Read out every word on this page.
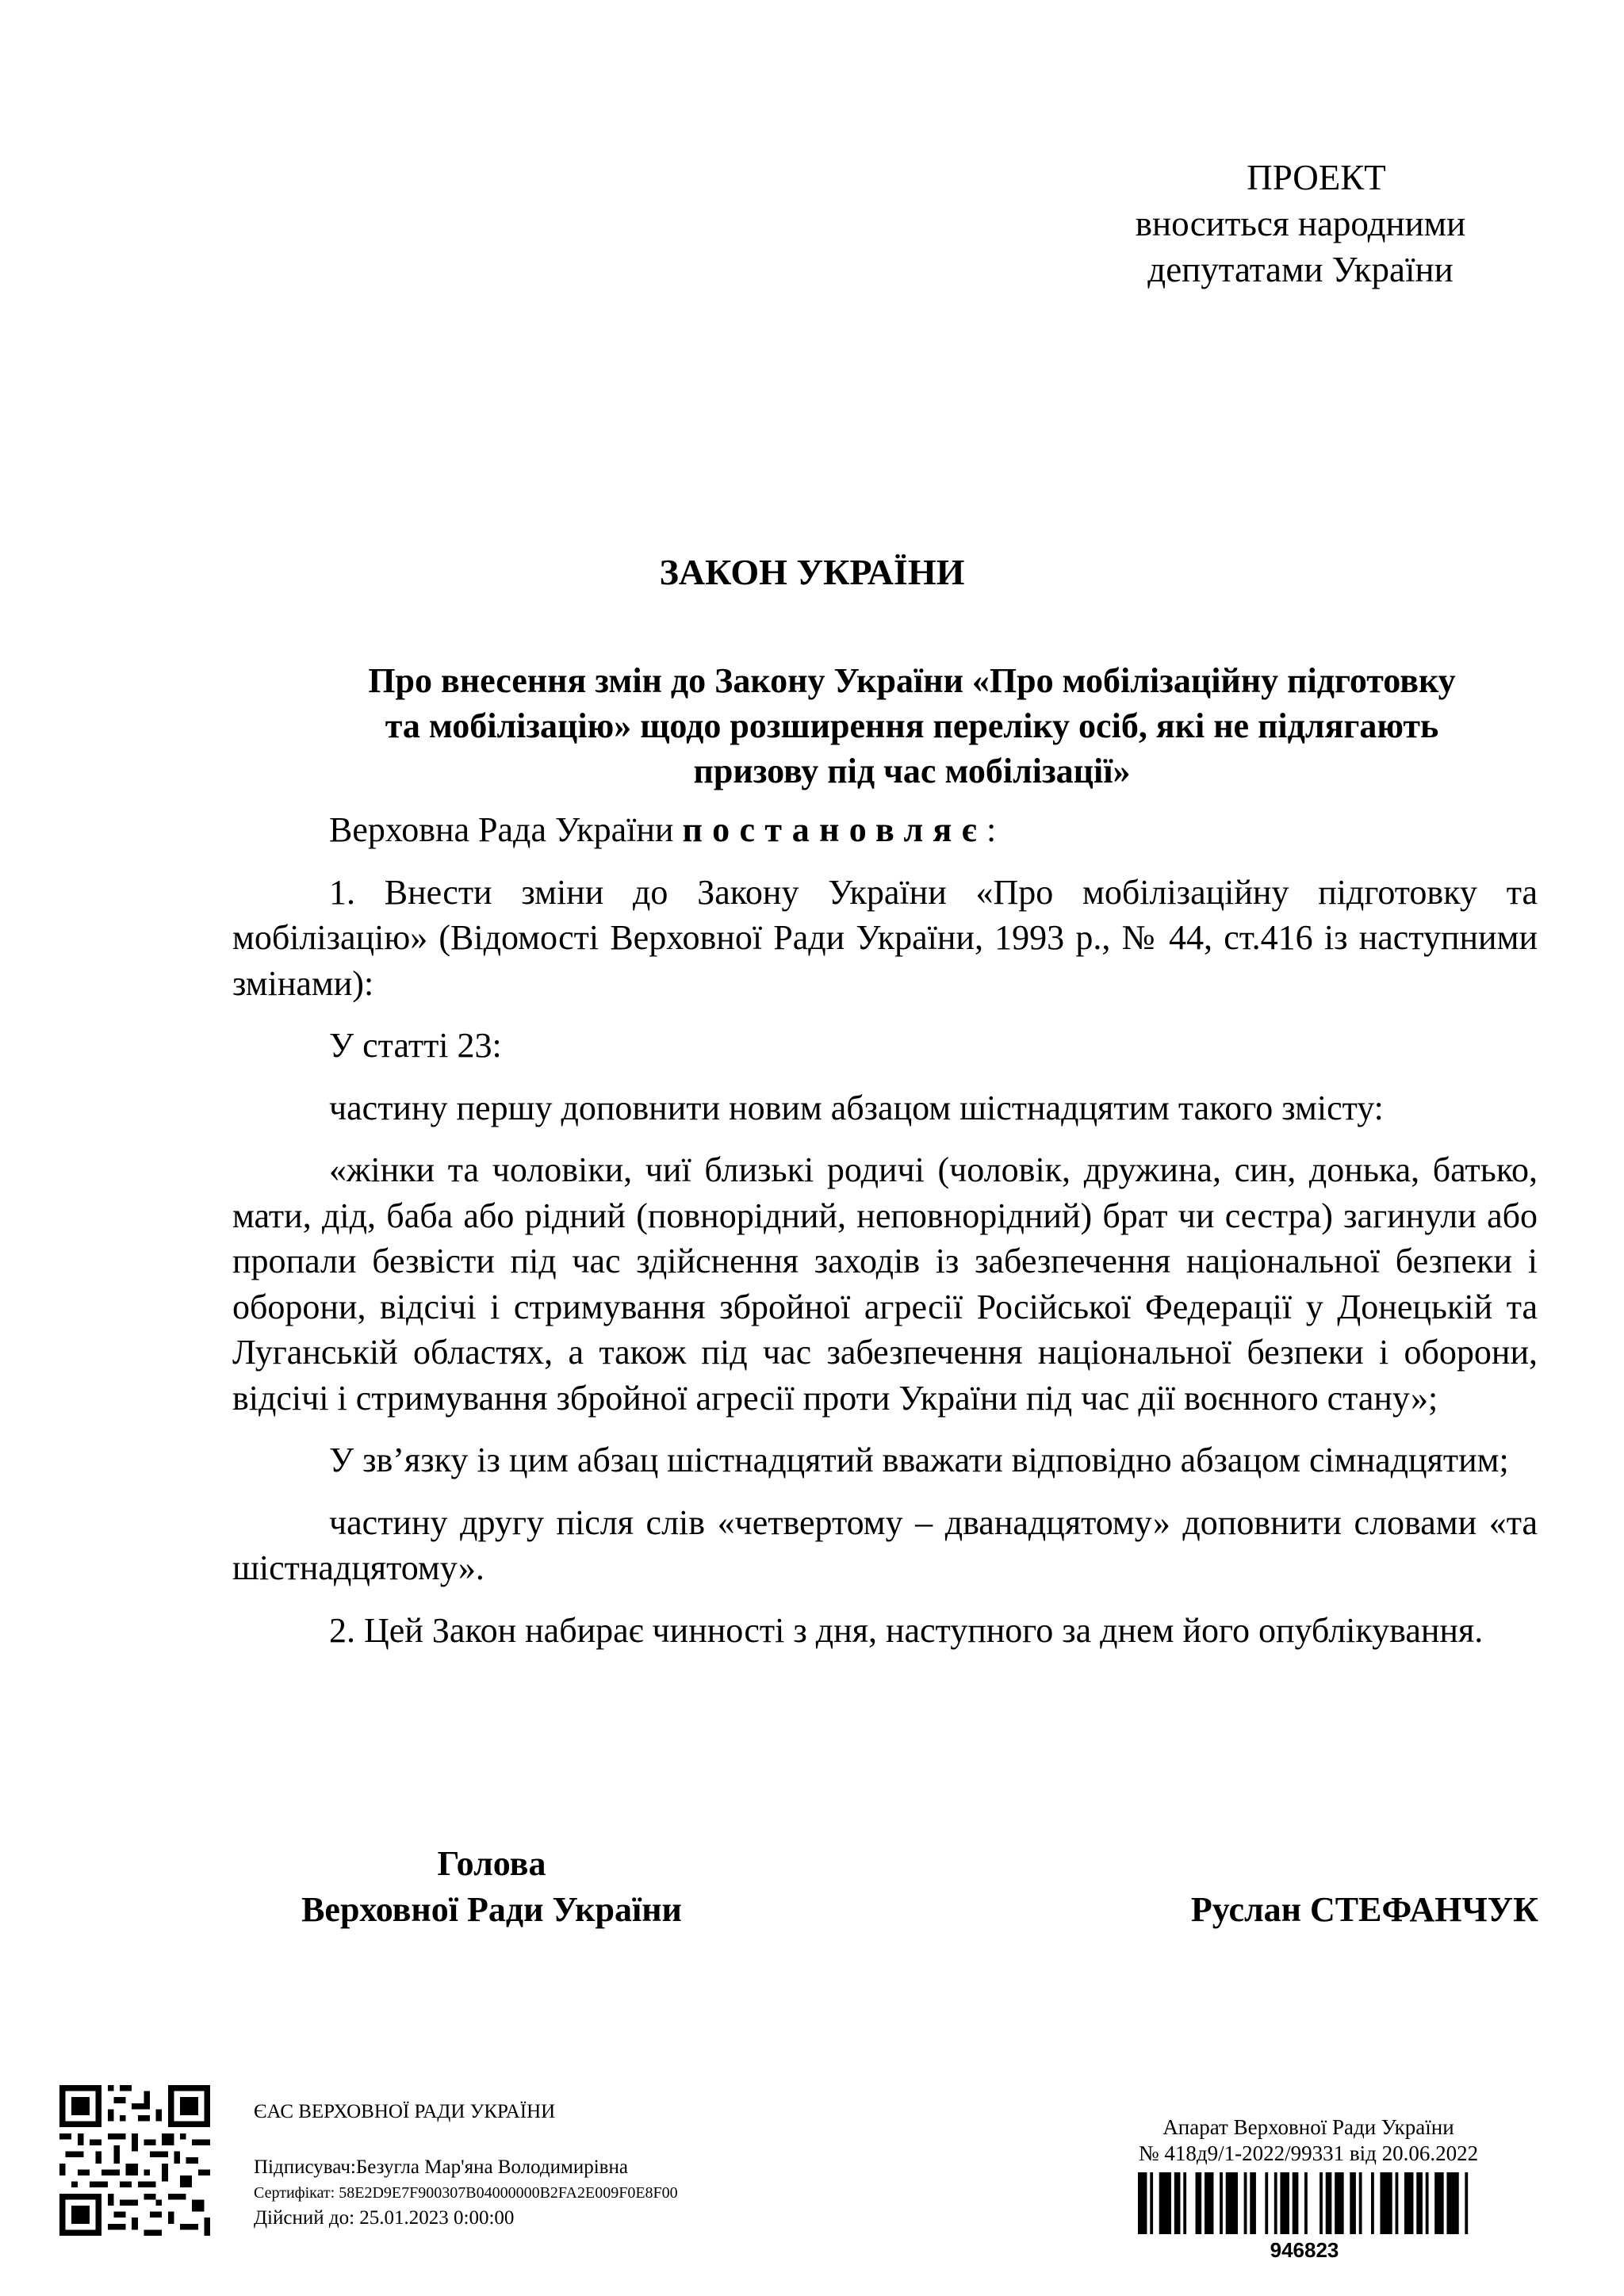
ПРОЕКТ
вноситься народними
депутатами України
ЗАКОН УКРАЇНИ
Про внесення змін до Закону України «Про мобілізаційну підготовку
та мобілізацію» щодо розширення переліку осіб, які не підлягають
призову під час мобілізації»

Верховна Рада України постановляє:

1. Внести зміни до Закону України «Про мобілізаційну підготовку та мобілізацію» (Відомості Верховної Ради України, 1993 р., № 44, ст.416 із наступними змінами):

У статті 23:

частину першу доповнити новим абзацом шістнадцятим такого змісту:

«жінки та чоловіки, чиї близькі родичі (чоловік, дружина, син, донька, батько, мати, дід, баба або рідний (повнорідний, неповнорідний) брат чи сестра) загинули або пропали безвісти під час здійснення заходів із забезпечення національної безпеки і оборони, відсічі і стримування збройної агресії Російської Федерації у Донецькій та Луганській областях, а також під час забезпечення національної безпеки і оборони, відсічі і стримування збройної агресії проти України під час дії воєнного стану»;

У зв’язку із цим абзац шістнадцятий вважати відповідно абзацом сімнадцятим;

частину другу після слів «четвертому – дванадцятому» доповнити словами «та шістнадцятому».

2. Цей Закон набирає чинності з дня, наступного за днем його опублікування.

Голова
Верховної Ради України	Руслан СТЕФАНЧУК
ЄАС ВЕРХОВНОЇ РАДИ УКРАЇНИ
Підписувач:Безугла Мар'яна Володимирівна
Сертифікат: 58E2D9E7F900307B04000000B2FA2E009F0E8F00
Дійсний до: 25.01.2023 0:00:00
Апарат Верховної Ради України
№ 418д9/1-2022/99331 від 20.06.2022
946823
